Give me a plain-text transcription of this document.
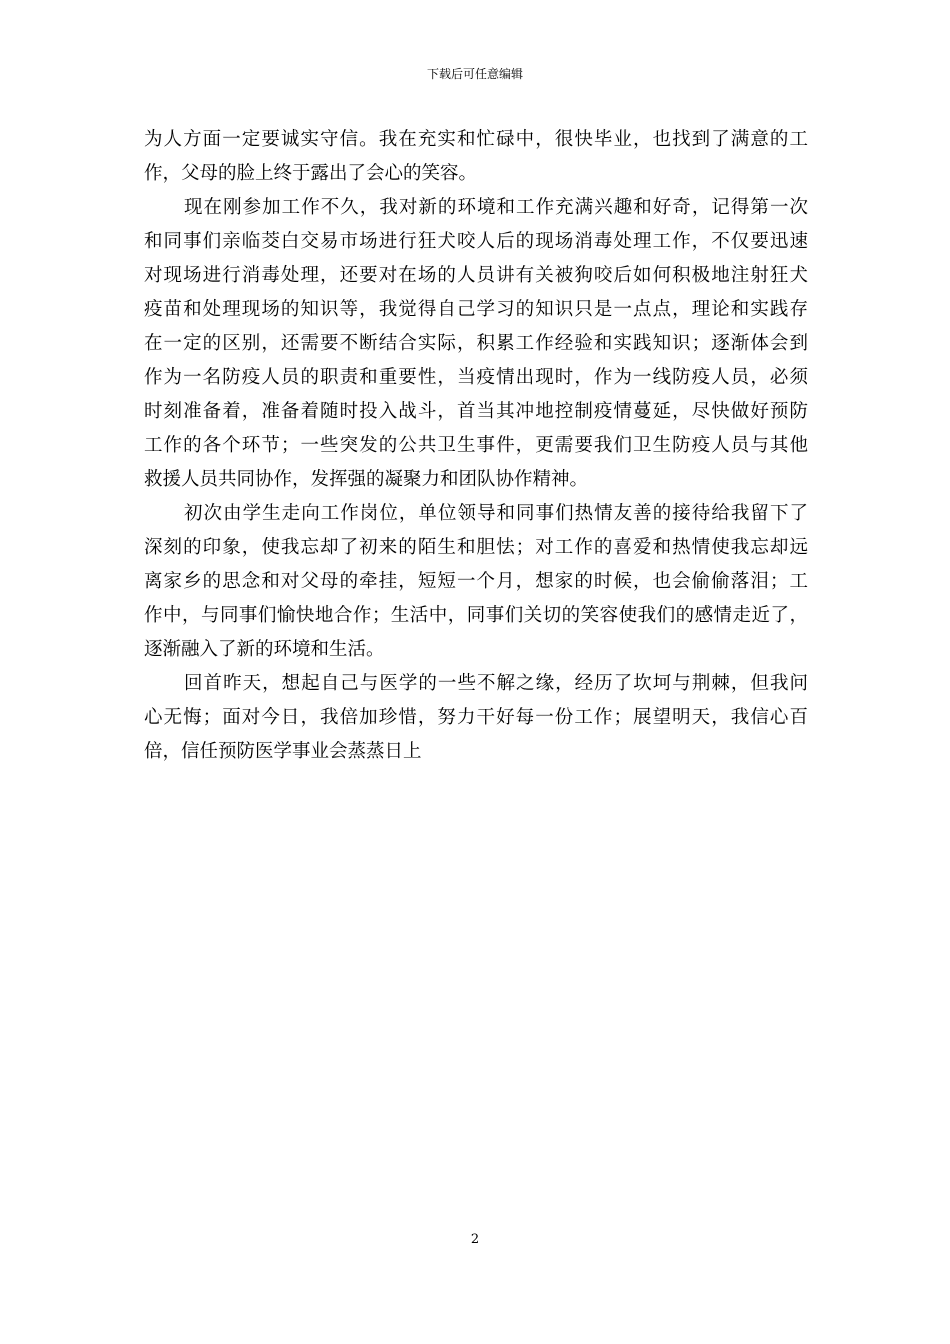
下载后可任意编辑
为人方面一定要诚实守信。我在充实和忙碌中，很快毕业，也找到了满意的工
作，父母的脸上终于露出了会心的笑容。
现在刚参加工作不久，我对新的环境和工作充满兴趣和好奇，记得第一次
和同事们亲临茭白交易市场进行狂犬咬人后的现场消毒处理工作，不仅要迅速
对现场进行消毒处理，还要对在场的人员讲有关被狗咬后如何积极地注射狂犬
疫苗和处理现场的知识等，我觉得自己学习的知识只是一点点，理论和实践存
在一定的区别，还需要不断结合实际，积累工作经验和实践知识；逐渐体会到
作为一名防疫人员的职责和重要性，当疫情出现时，作为一线防疫人员，必须
时刻准备着，准备着随时投入战斗，首当其冲地控制疫情蔓延，尽快做好预防
工作的各个环节；一些突发的公共卫生事件，更需要我们卫生防疫人员与其他
救援人员共同协作，发挥强的凝聚力和团队协作精神。
初次由学生走向工作岗位，单位领导和同事们热情友善的接待给我留下了
深刻的印象，使我忘却了初来的陌生和胆怯；对工作的喜爱和热情使我忘却远
离家乡的思念和对父母的牵挂，短短一个月，想家的时候，也会偷偷落泪；工
作中，与同事们愉快地合作；生活中，同事们关切的笑容使我们的感情走近了，
逐渐融入了新的环境和生活。
回首昨天，想起自己与医学的一些不解之缘，经历了坎坷与荆棘，但我问
心无悔；面对今日，我倍加珍惜，努力干好每一份工作；展望明天，我信心百
倍，信任预防医学事业会蒸蒸日上
2
